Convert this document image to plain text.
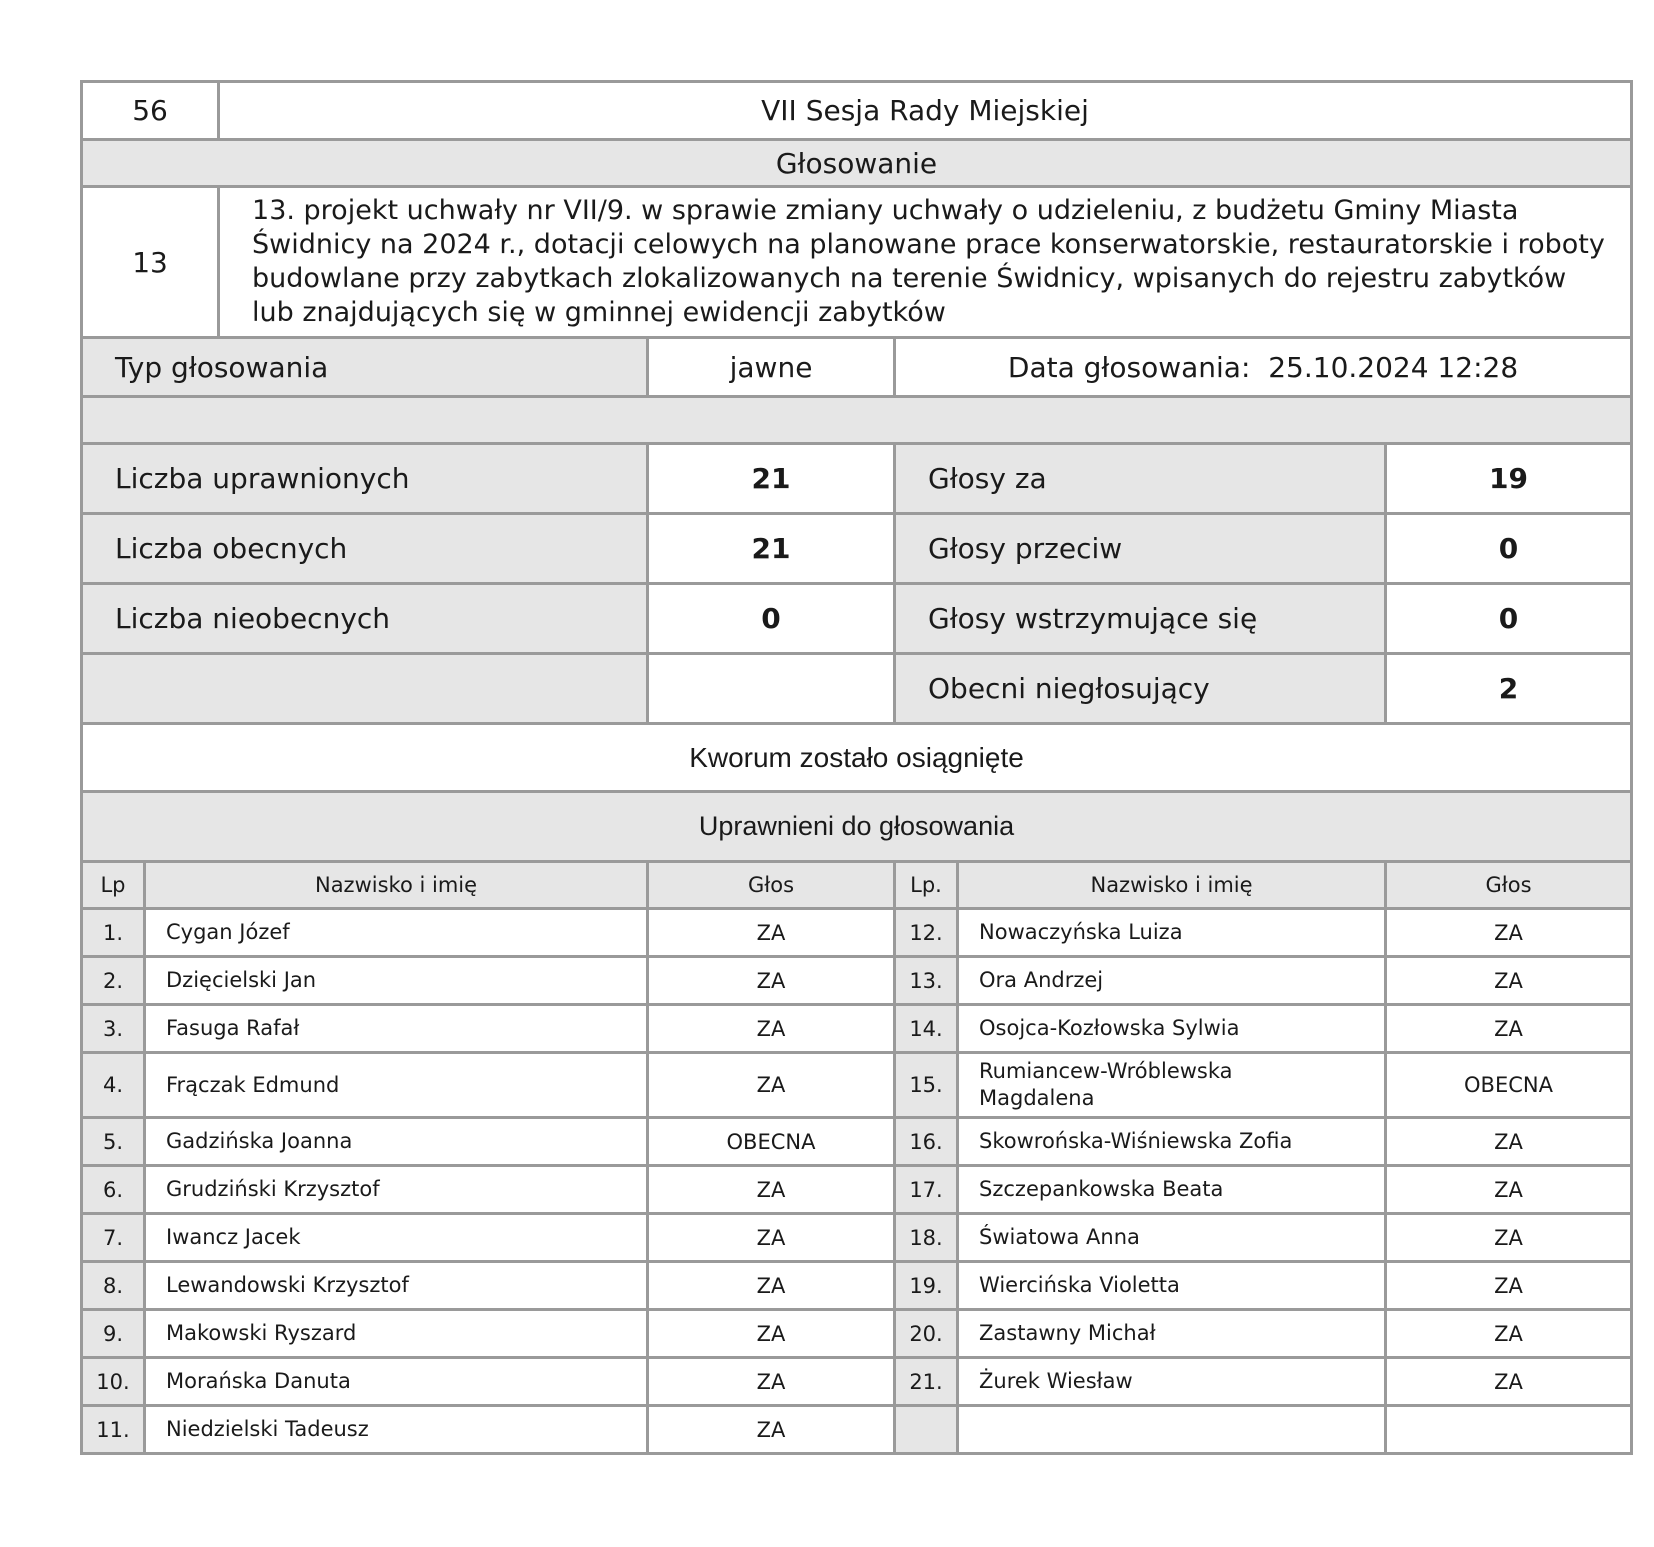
56		VII Sesja Rady Miejskiej				
Głosowanie						
13		13. projekt uchwały nr VII/9. w sprawie zmiany uchwały o udzieleniu, z budżetu Gminy Miasta Świdnicy na 2024 r., dotacji celowych na planowane prace konserwatorskie, restauratorskie i roboty budowlane przy zabytkach zlokalizowanych na terenie Świdnicy, wpisanych do rejestru zabytków lub znajdujących się w gminnej ewidencji zabytków				
Typ głosowania			jawne	Data głosowania: 25.10.2024 12:28		

Liczba uprawnionych			21	Głosy za		19
Liczba obecnych			21	Głosy przeciw		0
Liczba nieobecnych			0	Głosy wstrzymujące się		0
				Obecni niegłosujący		2
Kworum zostało osiągnięte						
Uprawnieni do głosowania						
Lp	Nazwisko i imię		Głos	Lp.	Nazwisko i imię	Głos
1.	Cygan Józef		ZA	12.	Nowaczyńska Luiza	ZA
2.	Dzięcielski Jan		ZA	13.	Ora Andrzej	ZA
3.	Fasuga Rafał		ZA	14.	Osojca-Kozłowska Sylwia	ZA
4.	Frączak Edmund		ZA	15.	Rumiancew-Wróblewska Magdalena	OBECNA
5.	Gadzińska Joanna		OBECNA	16.	Skowrońska-Wiśniewska Zofia	ZA
6.	Grudziński Krzysztof		ZA	17.	Szczepankowska Beata	ZA
7.	Iwancz Jacek		ZA	18.	Światowa Anna	ZA
8.	Lewandowski Krzysztof		ZA	19.	Wiercińska Violetta	ZA
9.	Makowski Ryszard		ZA	20.	Zastawny Michał	ZA
10.	Morańska Danuta		ZA	21.	Żurek Wiesław	ZA
11.	Niedzielski Tadeusz		ZA			
